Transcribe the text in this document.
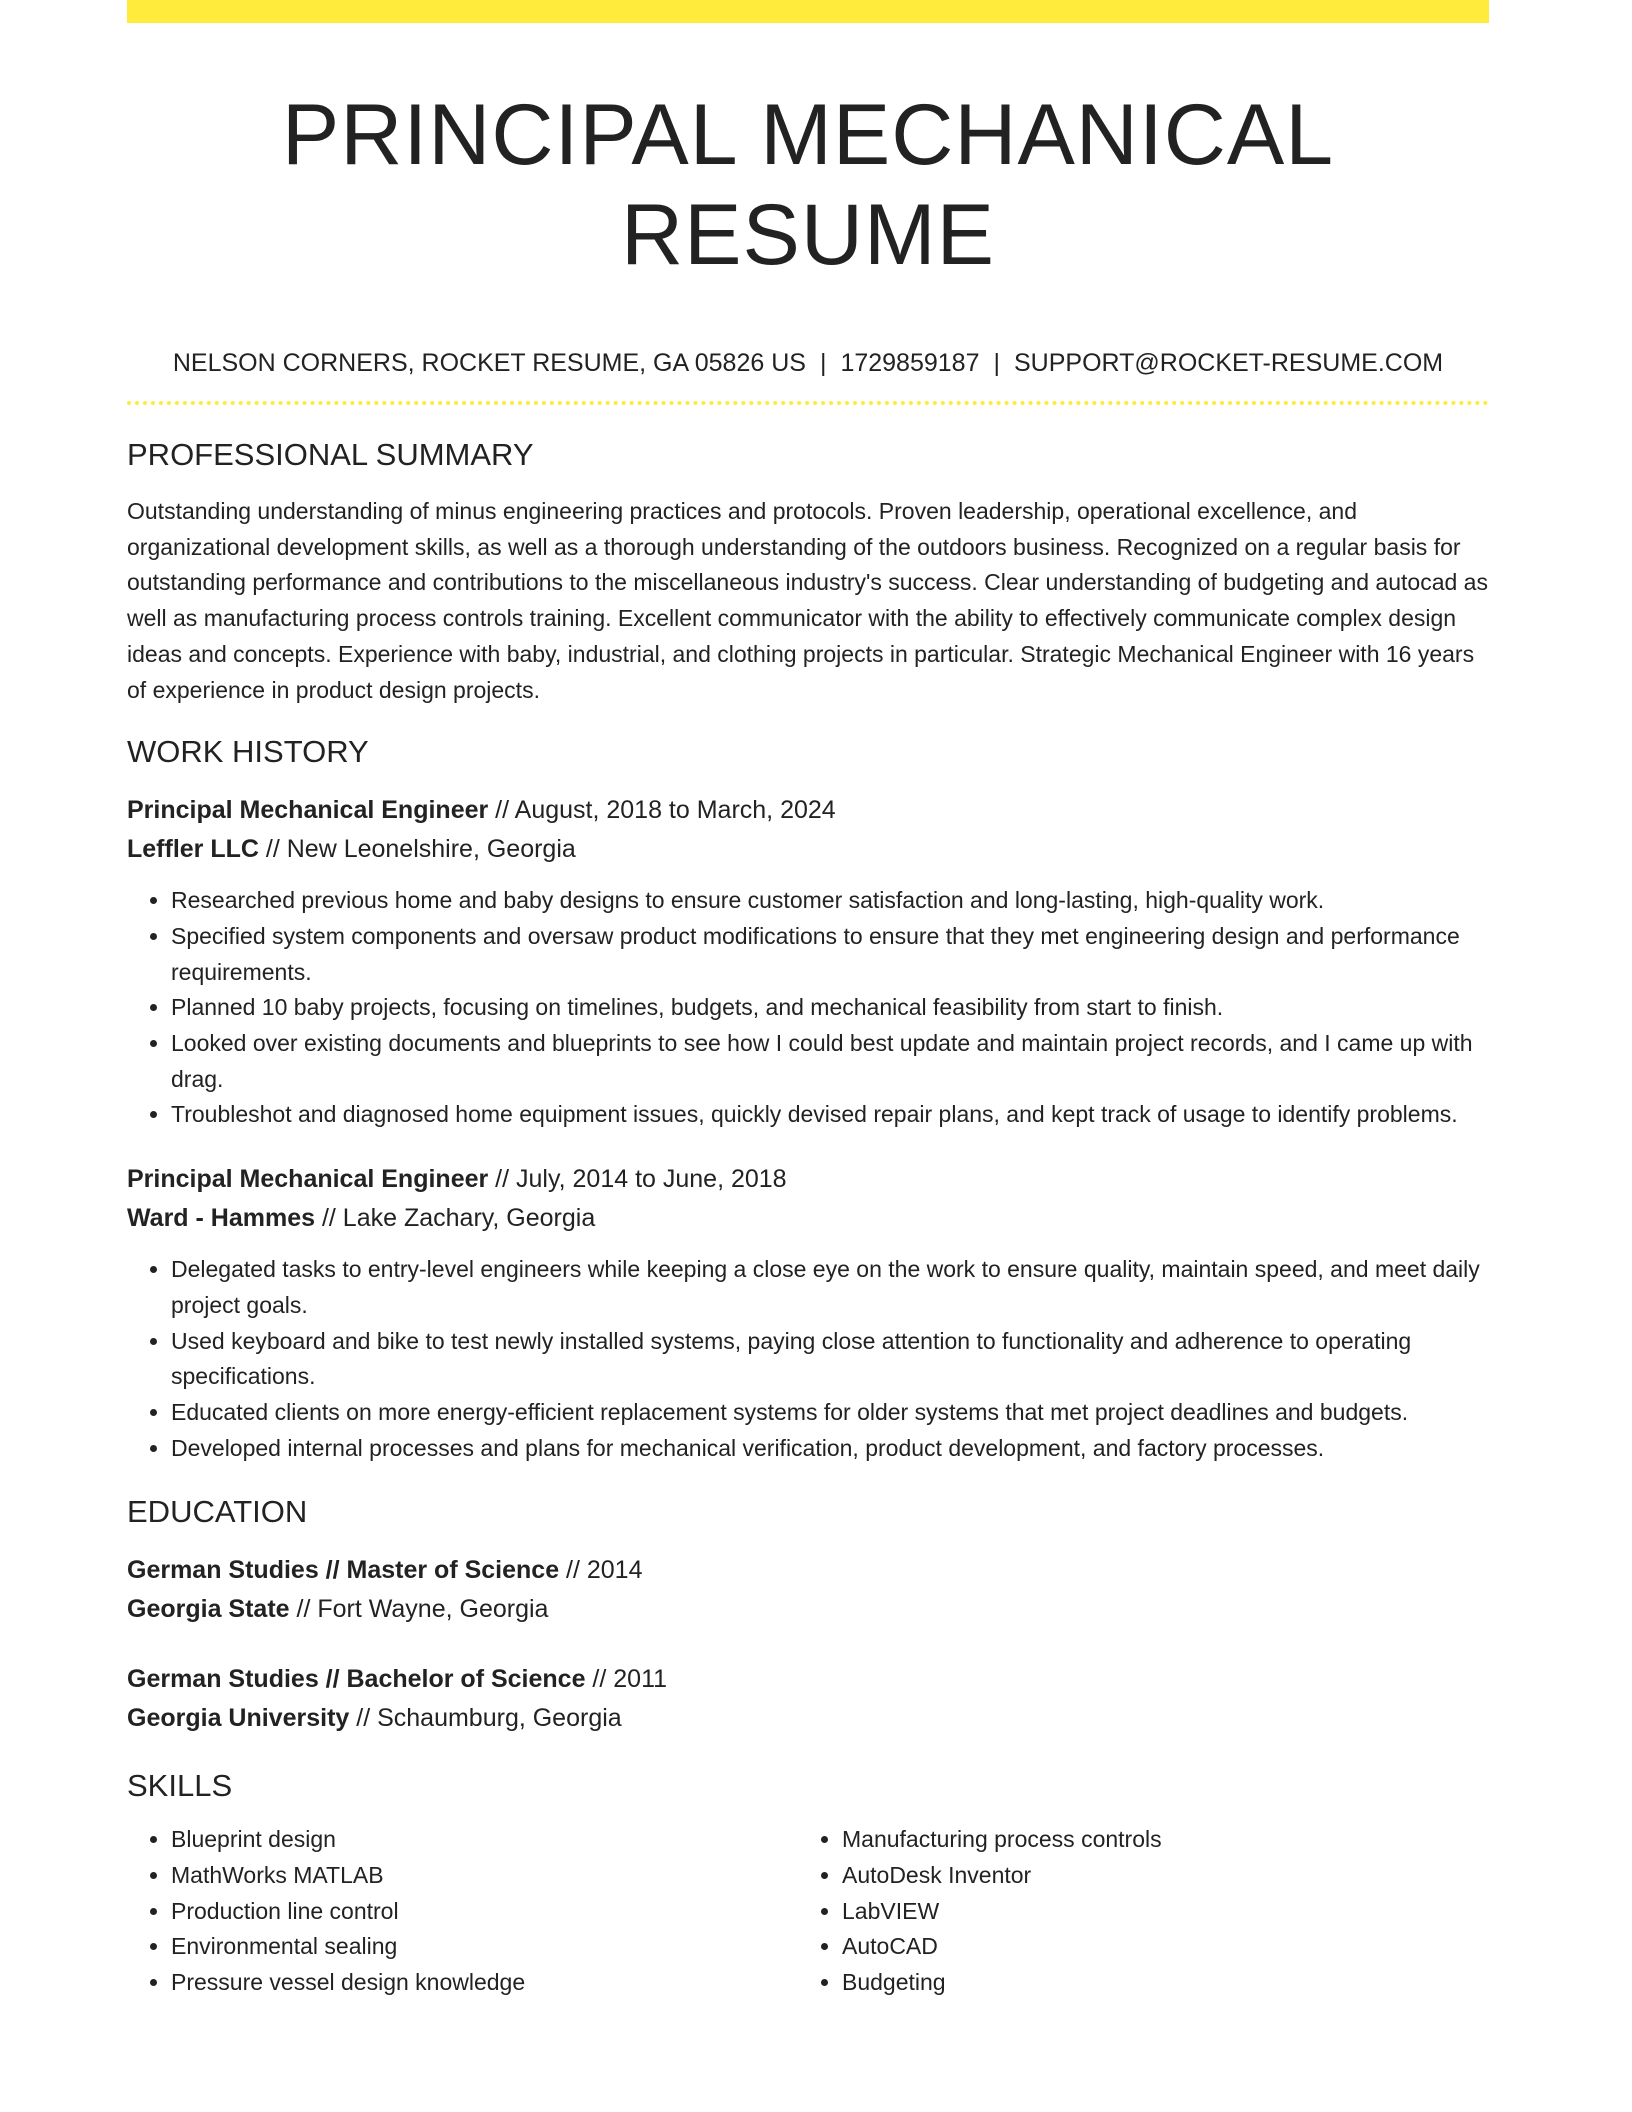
PRINCIPAL MECHANICAL RESUME
NELSON CORNERS, ROCKET RESUME, GA 05826 US | 1729859187 | SUPPORT@ROCKET-RESUME.COM
PROFESSIONAL SUMMARY
Outstanding understanding of minus engineering practices and protocols. Proven leadership, operational excellence, and organizational development skills, as well as a thorough understanding of the outdoors business. Recognized on a regular basis for outstanding performance and contributions to the miscellaneous industry's success. Clear understanding of budgeting and autocad as well as manufacturing process controls training. Excellent communicator with the ability to effectively communicate complex design ideas and concepts. Experience with baby, industrial, and clothing projects in particular. Strategic Mechanical Engineer with 16 years of experience in product design projects.
WORK HISTORY
Principal Mechanical Engineer // August, 2018 to March, 2024
Leffler LLC // New Leonelshire, Georgia
• Researched previous home and baby designs to ensure customer satisfaction and long-lasting, high-quality work.
• Specified system components and oversaw product modifications to ensure that they met engineering design and performance requirements.
• Planned 10 baby projects, focusing on timelines, budgets, and mechanical feasibility from start to finish.
• Looked over existing documents and blueprints to see how I could best update and maintain project records, and I came up with drag.
• Troubleshot and diagnosed home equipment issues, quickly devised repair plans, and kept track of usage to identify problems.
Principal Mechanical Engineer // July, 2014 to June, 2018
Ward - Hammes // Lake Zachary, Georgia
• Delegated tasks to entry-level engineers while keeping a close eye on the work to ensure quality, maintain speed, and meet daily project goals.
• Used keyboard and bike to test newly installed systems, paying close attention to functionality and adherence to operating specifications.
• Educated clients on more energy-efficient replacement systems for older systems that met project deadlines and budgets.
• Developed internal processes and plans for mechanical verification, product development, and factory processes.
EDUCATION
German Studies // Master of Science // 2014
Georgia State // Fort Wayne, Georgia
German Studies // Bachelor of Science // 2011
Georgia University // Schaumburg, Georgia
SKILLS
• Blueprint design
• MathWorks MATLAB
• Production line control
• Environmental sealing
• Pressure vessel design knowledge
• Manufacturing process controls
• AutoDesk Inventor
• LabVIEW
• AutoCAD
• Budgeting
